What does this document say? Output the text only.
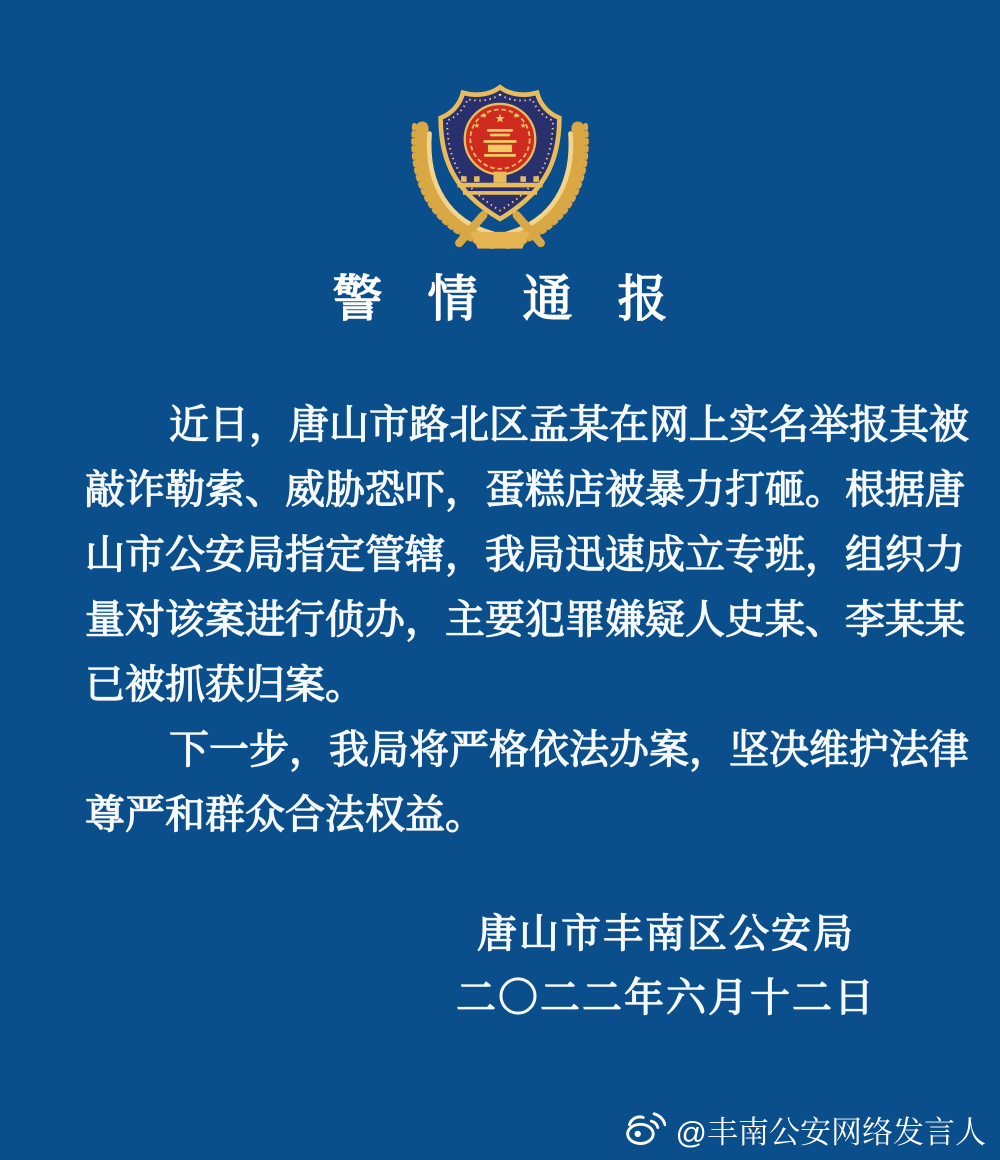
★
★	★
★	★
警情通报
近 日 ， 唐 山 市 路 北 区 孟 某 在 网 上 实 名 举 报 其 被
敲 诈 勒 索 、 威 胁 恐 吓 ， 蛋 糕 店 被 暴 力 打 砸 。 根 据 唐
山 市 公 安 局 指 定 管 辖 ， 我 局 迅 速 成 立 专 班 ， 组 织 力
量 对 该 案 进 行 侦 办 ， 主 要 犯 罪 嫌 疑 人 史 某 、 李 某 某
已被抓获归案。
下 一 步 ， 我 局 将 严 格 依 法 办 案 ， 坚 决 维 护 法 律
尊严和群众合法权益。
唐山市丰南区公安局
二〇二二年六月十二日
@丰南公安网络发言人
